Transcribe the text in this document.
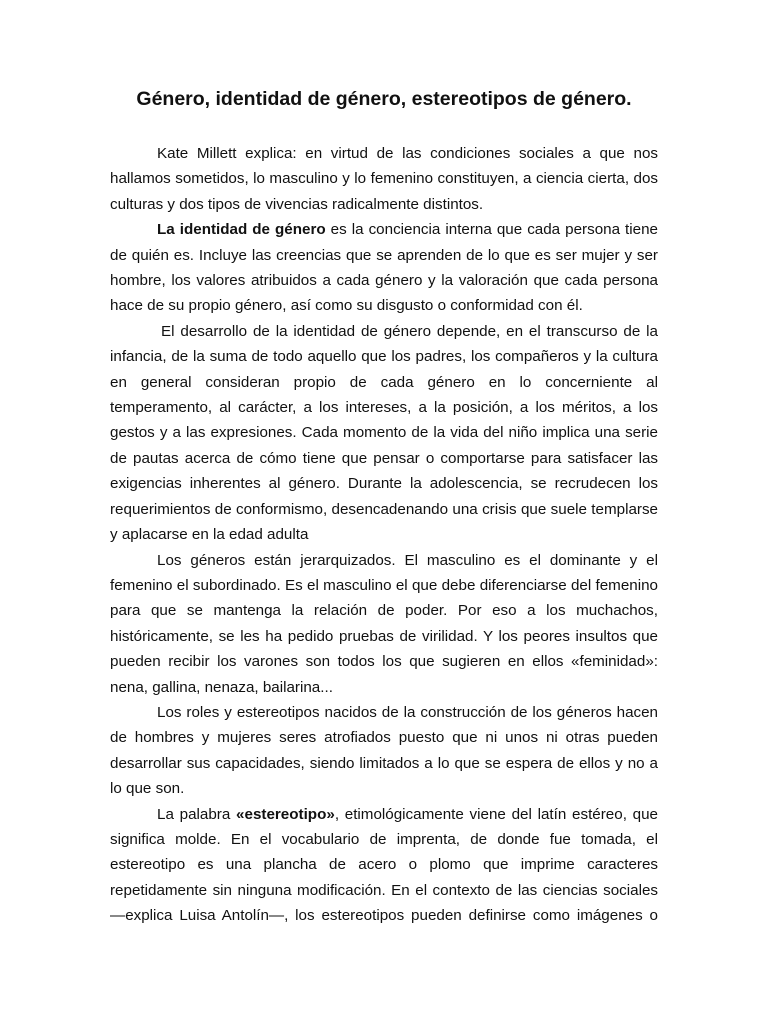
Género, identidad de género, estereotipos de género.

Kate Millett explica: en virtud de las condiciones sociales a que nos hallamos sometidos, lo masculino y lo femenino constituyen, a ciencia cierta, dos culturas y dos tipos de vivencias radicalmente distintos.

La identidad de género es la conciencia interna que cada persona tiene de quién es. Incluye las creencias que se aprenden de lo que es ser mujer y ser hombre, los valores atribuidos a cada género y la valoración que cada persona hace de su propio género, así como su disgusto o conformidad con él.

El desarrollo de la identidad de género depende, en el transcurso de la infancia, de la suma de todo aquello que los padres, los compañeros y la cultura en general consideran propio de cada género en lo concerniente al temperamento, al carácter, a los intereses, a la posición, a los méritos, a los gestos y a las expresiones. Cada momento de la vida del niño implica una serie de pautas acerca de cómo tiene que pensar o comportarse para satisfacer las exigencias inherentes al género. Durante la adolescencia, se recrudecen los requerimientos de conformismo, desencadenando una crisis que suele templarse y aplacarse en la edad adulta

Los géneros están jerarquizados. El masculino es el dominante y el femenino el subordinado. Es el masculino el que debe diferenciarse del femenino para que se mantenga la relación de poder. Por eso a los muchachos, históricamente, se les ha pedido pruebas de virilidad. Y los peores insultos que pueden recibir los varones son todos los que sugieren en ellos «feminidad»: nena, gallina, nenaza, bailarina...

Los roles y estereotipos nacidos de la construcción de los géneros hacen de hombres y mujeres seres atrofiados puesto que ni unos ni otras pueden desarrollar sus capacidades, siendo limitados a lo que se espera de ellos y no a lo que son.

La palabra «estereotipo», etimológicamente viene del latín estéreo, que significa molde. En el vocabulario de imprenta, de donde fue tomada, el estereotipo es una plancha de acero o plomo que imprime caracteres repetidamente sin ninguna modificación. En el contexto de las ciencias sociales —explica Luisa Antolín—, los estereotipos pueden definirse como imágenes o
